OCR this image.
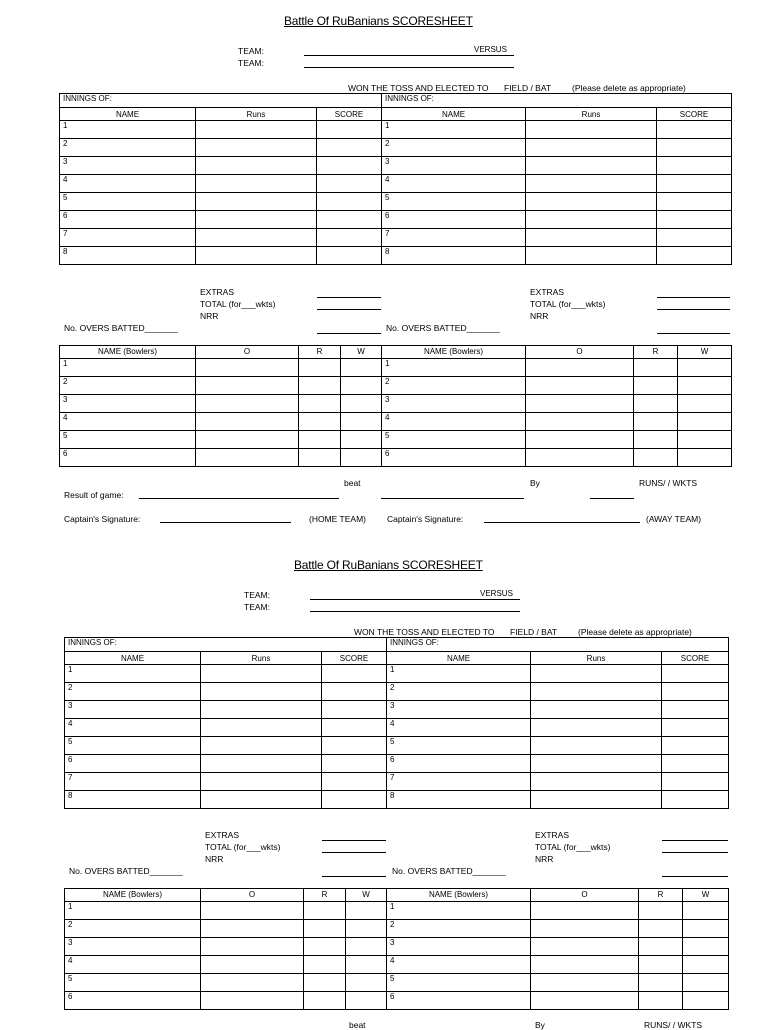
Battle Of RuBanians SCORESHEET
TEAM:
TEAM:
VERSUS
WON THE TOSS AND ELECTED TO FIELD / BAT (Please delete as appropriate)
INNINGS OF:			INNINGS OF:		
NAME	Runs	SCORE	NAME	Runs	SCORE
1			1		
2			2		
3			3		
4			4		
5			5		
6			6		
7			7		
8			8		
EXTRAS
TOTAL (for___wkts)
NRR
No. OVERS BATTED_______
EXTRAS
TOTAL (for___wkts)
NRR
No. OVERS BATTED_______
NAME (Bowlers)	O	R	W	NAME (Bowlers)	O	R	W
1				1			
2				2			
3				3			
4				4			
5				5			
6				6			
beat	By	RUNS/ / WKTS
Result of game:
Captain's Signature:	(HOME TEAM) Captain's Signature:	(AWAY TEAM)
Battle Of RuBanians SCORESHEET
TEAM:
TEAM:
VERSUS
WON THE TOSS AND ELECTED TO FIELD / BAT (Please delete as appropriate)
INNINGS OF:			INNINGS OF:		
NAME	Runs	SCORE	NAME	Runs	SCORE
1			1		
2			2		
3			3		
4			4		
5			5		
6			6		
7			7		
8			8		
EXTRAS
TOTAL (for___wkts)
NRR
No. OVERS BATTED_______
EXTRAS
TOTAL (for___wkts)
NRR
No. OVERS BATTED_______
NAME (Bowlers)	O	R	W	NAME (Bowlers)	O	R	W
1				1			
2				2			
3				3			
4				4			
5				5			
6				6			
beat	By	RUNS/ / WKTS
